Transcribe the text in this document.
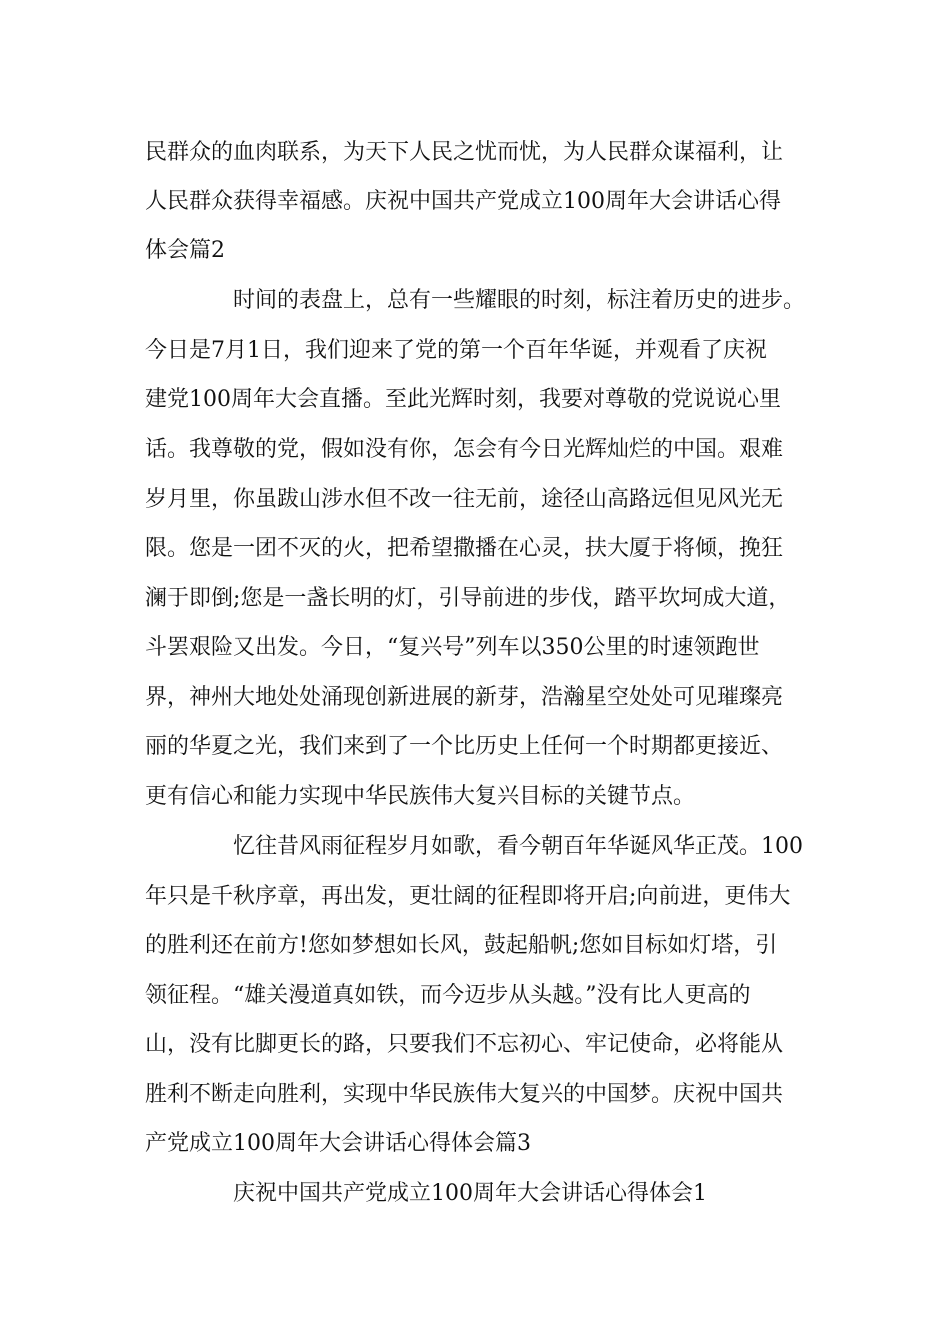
民群众的血肉联系，为天下人民之忧而忧，为人民群众谋福利，让
人民群众获得幸福感。庆祝中国共产党成立100周年大会讲话心得
体会篇2
时间的表盘上，总有一些耀眼的时刻，标注着历史的进步。
今日是7月1日，我们迎来了党的第一个百年华诞，并观看了庆祝
建党100周年大会直播。至此光辉时刻，我要对尊敬的党说说心里
话。我尊敬的党，假如没有你，怎会有今日光辉灿烂的中国。艰难
岁月里，你虽跋山涉水但不改一往无前，途径山高路远但见风光无
限。您是一团不灭的火，把希望撒播在心灵，扶大厦于将倾，挽狂
澜于即倒;您是一盏长明的灯，引导前进的步伐，踏平坎坷成大道，
斗罢艰险又出发。今日，“复兴号”列车以350公里的时速领跑世
界，神州大地处处涌现创新进展的新芽，浩瀚星空处处可见璀璨亮
丽的华夏之光，我们来到了一个比历史上任何一个时期都更接近、
更有信心和能力实现中华民族伟大复兴目标的关键节点。
忆往昔风雨征程岁月如歌，看今朝百年华诞风华正茂。100
年只是千秋序章，再出发，更壮阔的征程即将开启;向前进，更伟大
的胜利还在前方!您如梦想如长风，鼓起船帆;您如目标如灯塔，引
领征程。“雄关漫道真如铁，而今迈步从头越。”没有比人更高的
山，没有比脚更长的路，只要我们不忘初心、牢记使命，必将能从
胜利不断走向胜利，实现中华民族伟大复兴的中国梦。庆祝中国共
产党成立100周年大会讲话心得体会篇3
庆祝中国共产党成立100周年大会讲话心得体会1
